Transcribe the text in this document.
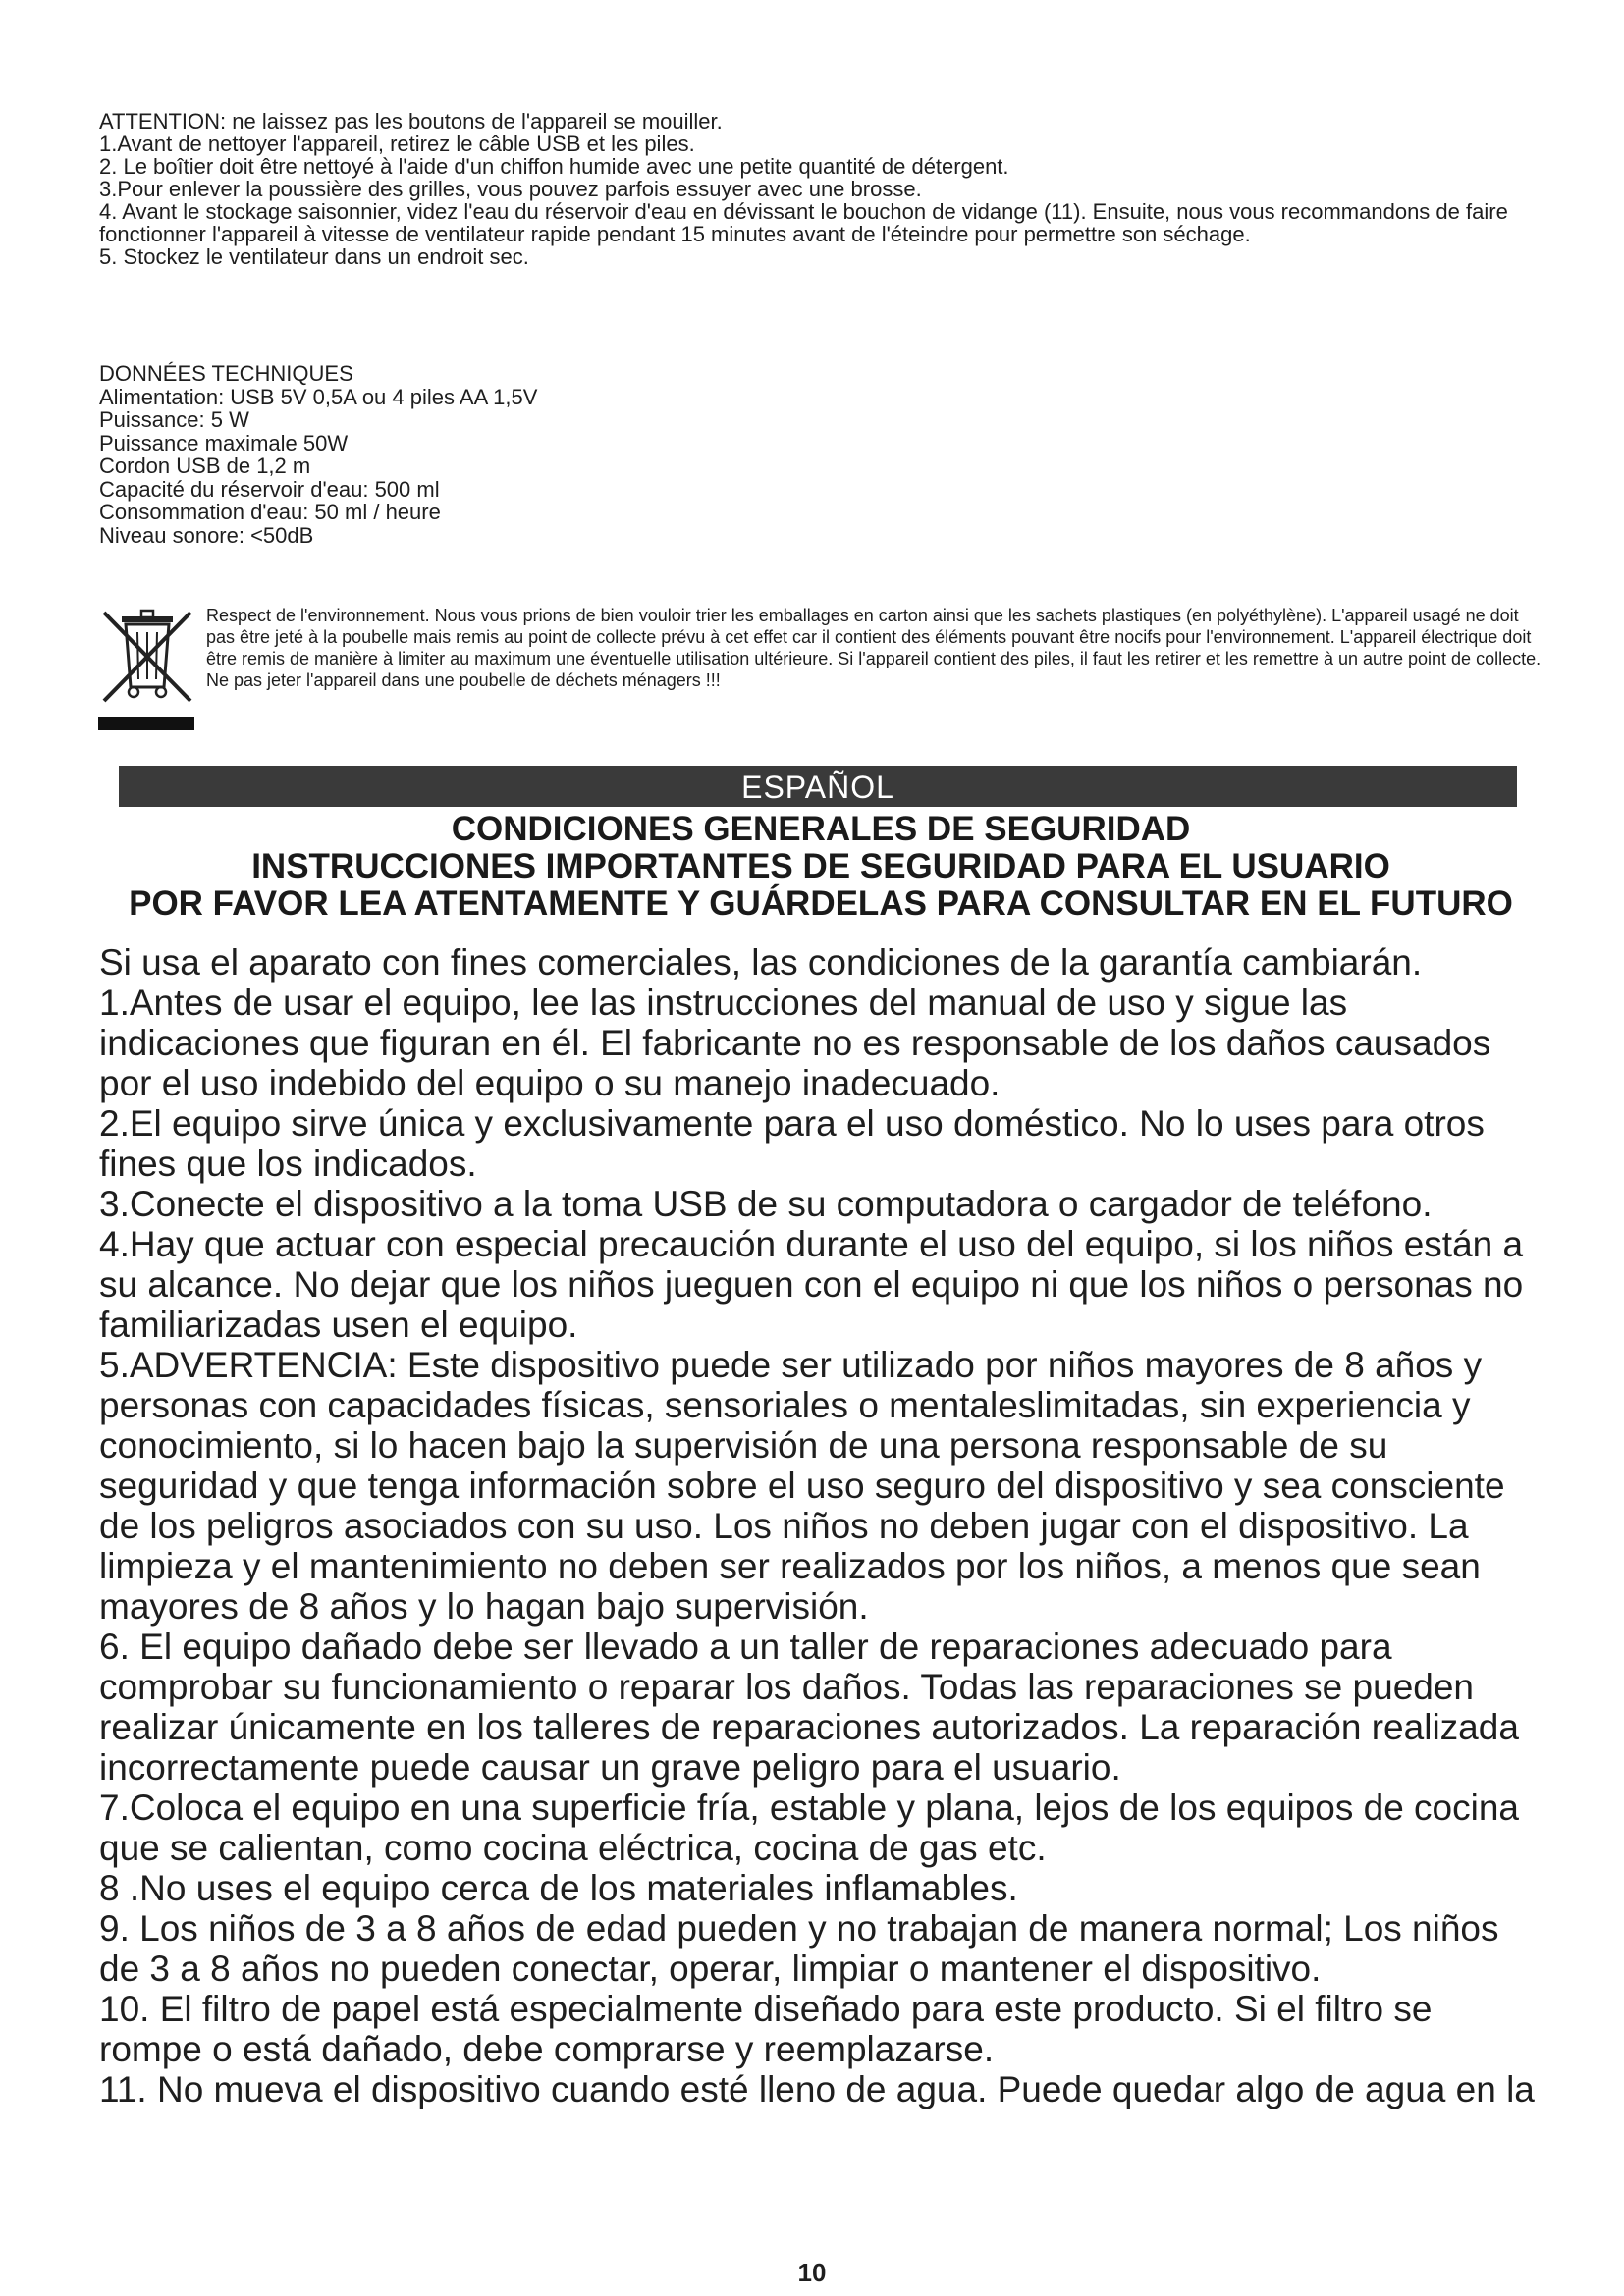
ATTENTION: ne laissez pas les boutons de l'appareil se mouiller.

1.Avant de nettoyer l'appareil, retirez le câble USB et les piles.

2. Le boîtier doit être nettoyé à l'aide d'un chiffon humide avec une petite quantité de détergent.

3.Pour enlever la poussière des grilles, vous pouvez parfois essuyer avec une brosse.

4. Avant le stockage saisonnier, videz l'eau du réservoir d'eau en dévissant le bouchon de vidange (11). Ensuite, nous vous recommandons de faire fonctionner l'appareil à vitesse de ventilateur rapide pendant 15 minutes avant de l'éteindre pour permettre son séchage.

5. Stockez le ventilateur dans un endroit sec.

DONNÉES TECHNIQUES

Alimentation: USB 5V 0,5A ou 4 piles AA 1,5V

Puissance: 5 W

Puissance maximale 50W

Cordon USB de 1,2 m

Capacité du réservoir d'eau: 500 ml

Consommation d'eau: 50 ml / heure

Niveau sonore: <50dB

Respect de l'environnement. Nous vous prions de bien vouloir trier les emballages en carton ainsi que les sachets plastiques (en polyéthylène). L'appareil usagé ne doit pas être jeté à la poubelle mais remis au point de collecte prévu à cet effet car il contient des éléments pouvant être nocifs pour l'environnement. L'appareil électrique doit être remis de manière à limiter au maximum une éventuelle utilisation ultérieure. Si l'appareil contient des piles, il faut les retirer et les remettre à un autre point de collecte.

Ne pas jeter l'appareil dans une poubelle de déchets ménagers !!!

ESPAÑOL
CONDICIONES GENERALES DE SEGURIDAD
INSTRUCCIONES IMPORTANTES DE SEGURIDAD PARA EL USUARIO
POR FAVOR LEA ATENTAMENTE Y GUÁRDELAS PARA CONSULTAR EN EL FUTURO

Si usa el aparato con fines comerciales, las condiciones de la garantía cambiarán.

1.Antes de usar el equipo, lee las instrucciones del manual de uso y sigue las indicaciones que figuran en él. El fabricante no es responsable de los daños causados por el uso indebido del equipo o su manejo inadecuado.

2.El equipo sirve única y exclusivamente para el uso doméstico. No lo uses para otros fines que los indicados.

3.Conecte el dispositivo a la toma USB de su computadora o cargador de teléfono.

4.Hay que actuar con especial precaución durante el uso del equipo, si los niños están a su alcance. No dejar que los niños jueguen con el equipo ni que los niños o personas no familiarizadas usen el equipo.

5.ADVERTENCIA: Este dispositivo puede ser utilizado por niños mayores de 8 años y personas con capacidades físicas, sensoriales o mentaleslimitadas, sin experiencia y conocimiento, si lo hacen bajo la supervisión de una persona responsable de su seguridad y que tenga información sobre el uso seguro del dispositivo y sea consciente de los peligros asociados con su uso. Los niños no deben jugar con el dispositivo. La limpieza y el mantenimiento no deben ser realizados por los niños, a menos que sean mayores de 8 años y lo hagan bajo supervisión.

6. El equipo dañado debe ser llevado a un taller de reparaciones adecuado para comprobar su funcionamiento o reparar los daños. Todas las reparaciones se pueden realizar únicamente en los talleres de reparaciones autorizados. La reparación realizada incorrectamente puede causar un grave peligro para el usuario.

7.Coloca el equipo en una superficie fría, estable y plana, lejos de los equipos de cocina que se calientan, como cocina eléctrica, cocina de gas etc.

8 .No uses el equipo cerca de los materiales inflamables.

9. Los niños de 3 a 8 años de edad pueden y no trabajan de manera normal; Los niños de 3 a 8 años no pueden conectar, operar, limpiar o mantener el dispositivo.

10. El filtro de papel está especialmente diseñado para este producto. Si el filtro se rompe o está dañado, debe comprarse y reemplazarse.

11. No mueva el dispositivo cuando esté lleno de agua. Puede quedar algo de agua en la

10
